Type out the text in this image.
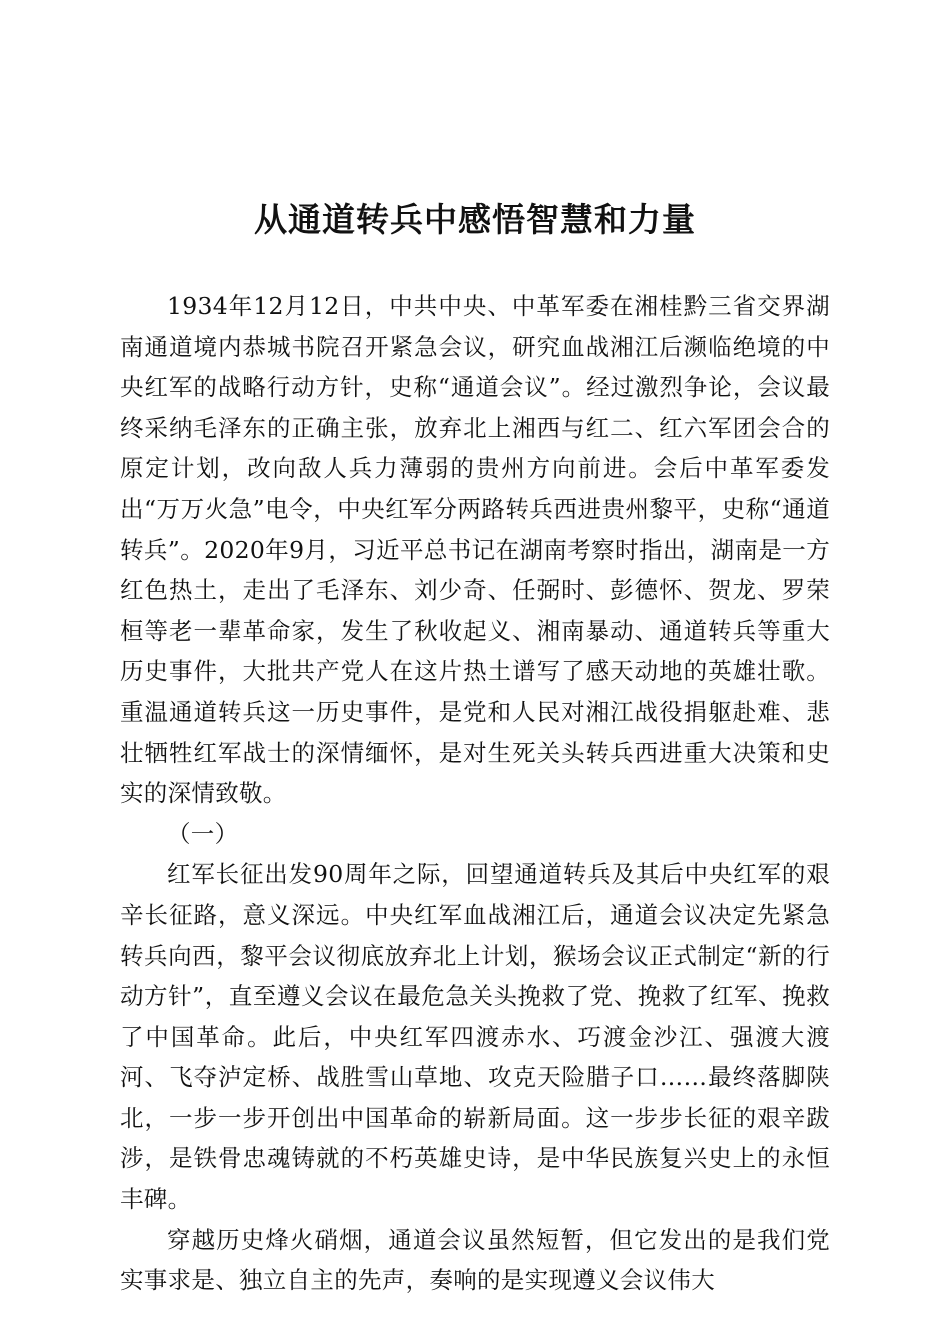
从通道转兵中感悟智慧和力量

1934年12月12日，中共中央、中革军委在湘桂黔三省交界湖南通道境内恭城书院召开紧急会议，研究血战湘江后濒临绝境的中央红军的战略行动方针，史称“通道会议”。经过激烈争论，会议最终采纳毛泽东的正确主张，放弃北上湘西与红二、红六军团会合的原定计划，改向敌人兵力薄弱的贵州方向前进。会后中革军委发出“万万火急”电令，中央红军分两路转兵西进贵州黎平，史称“通道转兵”。2020年9月，习近平总书记在湖南考察时指出，湖南是一方红色热土，走出了毛泽东、刘少奇、任弼时、彭德怀、贺龙、罗荣桓等老一辈革命家，发生了秋收起义、湘南暴动、通道转兵等重大历史事件，大批共产党人在这片热土谱写了感天动地的英雄壮歌。重温通道转兵这一历史事件，是党和人民对湘江战役捐躯赴难、悲壮牺牲红军战士的深情缅怀，是对生死关头转兵西进重大决策和史实的深情致敬。

（一）

红军长征出发90周年之际，回望通道转兵及其后中央红军的艰辛长征路，意义深远。中央红军血战湘江后，通道会议决定先紧急转兵向西，黎平会议彻底放弃北上计划，猴场会议正式制定“新的行动方针”，直至遵义会议在最危急关头挽救了党、挽救了红军、挽救了中国革命。此后，中央红军四渡赤水、巧渡金沙江、强渡大渡河、飞夺泸定桥、战胜雪山草地、攻克天险腊子口……最终落脚陕北，一步一步开创出中国革命的崭新局面。这一步步长征的艰辛跋涉，是铁骨忠魂铸就的不朽英雄史诗，是中华民族复兴史上的永恒丰碑。

穿越历史烽火硝烟，通道会议虽然短暂，但它发出的是我们党实事求是、独立自主的先声，奏响的是实现遵义会议伟大
